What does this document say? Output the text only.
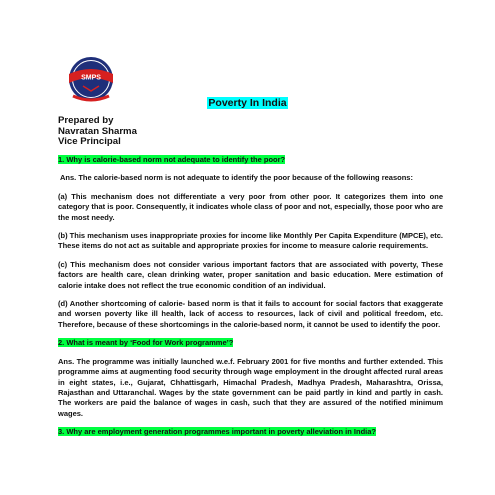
SMPS
Poverty In India
Prepared by
Navratan Sharma
Vice Principal

1. Why is calorie-based norm not adequate to identify the poor?

Ans. The calorie-based norm is not adequate to identify the poor because of the following reasons:

(a) This mechanism does not differentiate a very poor from other poor. It categorizes them into one category that is poor. Consequently, it indicates whole class of poor and not, especially, those poor who are the most needy.

(b) This mechanism uses inappropriate proxies for income like Monthly Per Capita Expenditure (MPCE), etc. These items do not act as suitable and appropriate proxies for income to measure calorie requirements.

(c) This mechanism does not consider various important factors that are associated with poverty, These factors are health care, clean drinking water, proper sanitation and basic education. Mere estimation of calorie intake does not reflect the true economic condition of an individual.

(d) Another shortcoming of calorie- based norm is that it fails to account for social factors that exaggerate and worsen poverty like ill health, lack of access to resources, lack of civil and political freedom, etc. Therefore, because of these shortcomings in the calorie-based norm, it cannot be used to identify the poor.

2. What is meant by ‘Food for Work programme’?

Ans. The programme was initially launched w.e.f. February 2001 for five months and further extended. This programme aims at augmenting food security through wage employment in the drought affected rural areas in eight states, i.e., Gujarat, Chhattisgarh, Himachal Pradesh, Madhya Pradesh, Maharashtra, Orissa, Rajasthan and Uttaranchal. Wages by the state government can be paid partly in kind and partly in cash. The workers are paid the balance of wages in cash, such that they are assured of the notified minimum wages.

3. Why are employment generation programmes important in poverty alleviation in India?
